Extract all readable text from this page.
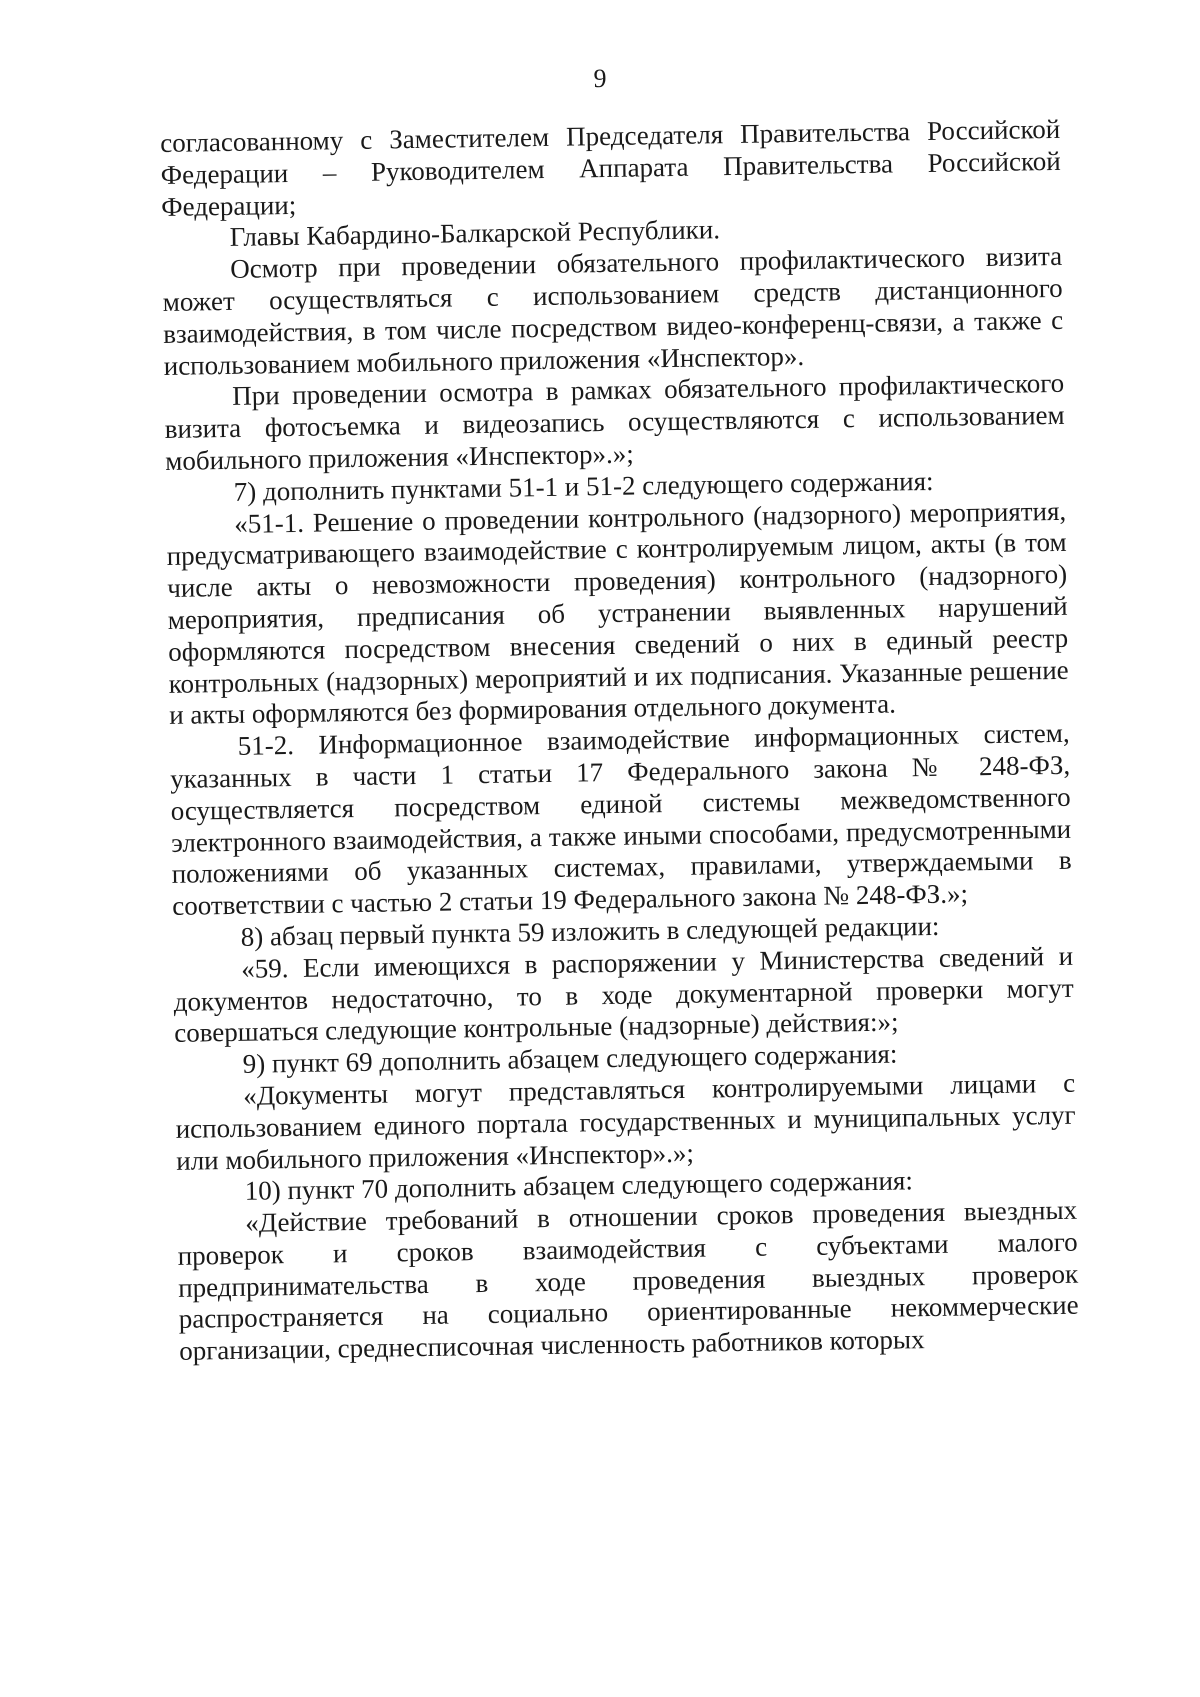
9

согласованному с Заместителем Председателя Правительства Российской Федерации – Руководителем Аппарата Правительства Российской Федерации;

Главы Кабардино-Балкарской Республики.

Осмотр при проведении обязательного профилактического визита может осуществляться с использованием средств дистанционного взаимодействия, в том числе посредством видео-конференц-связи, а также с использованием мобильного приложения «Инспектор».

При проведении осмотра в рамках обязательного профилактического визита фотосъемка и видеозапись осуществляются с использованием мобильного приложения «Инспектор».»;

7) дополнить пунктами 51-1 и 51-2 следующего содержания:

«51-1. Решение о проведении контрольного (надзорного) мероприятия, предусматривающего взаимодействие с контролируемым лицом, акты (в том числе акты о невозможности проведения) контрольного (надзорного) мероприятия, предписания об устранении выявленных нарушений оформляются посредством внесения сведений о них в единый реестр контрольных (надзорных) мероприятий и их подписания. Указанные решение и акты оформляются без формирования отдельного документа.

51-2. Информационное взаимодействие информационных систем, указанных в части 1 статьи 17 Федерального закона № 248-ФЗ, осуществляется посредством единой системы межведомственного электронного взаимодействия, а также иными способами, предусмотренными положениями об указанных системах, правилами, утверждаемыми в соответствии с частью 2 статьи 19 Федерального закона № 248-ФЗ.»;

8) абзац первый пункта 59 изложить в следующей редакции:

«59. Если имеющихся в распоряжении у Министерства сведений и документов недостаточно, то в ходе документарной проверки могут совершаться следующие контрольные (надзорные) действия:»;

9) пункт 69 дополнить абзацем следующего содержания:

«Документы могут представляться контролируемыми лицами с использованием единого портала государственных и муниципальных услуг или мобильного приложения «Инспектор».»;

10) пункт 70 дополнить абзацем следующего содержания:

«Действие требований в отношении сроков проведения выездных проверок и сроков взаимодействия с субъектами малого предпринимательства в ходе проведения выездных проверок распространяется на социально ориентированные некоммерческие организации, среднесписочная численность работников которых
